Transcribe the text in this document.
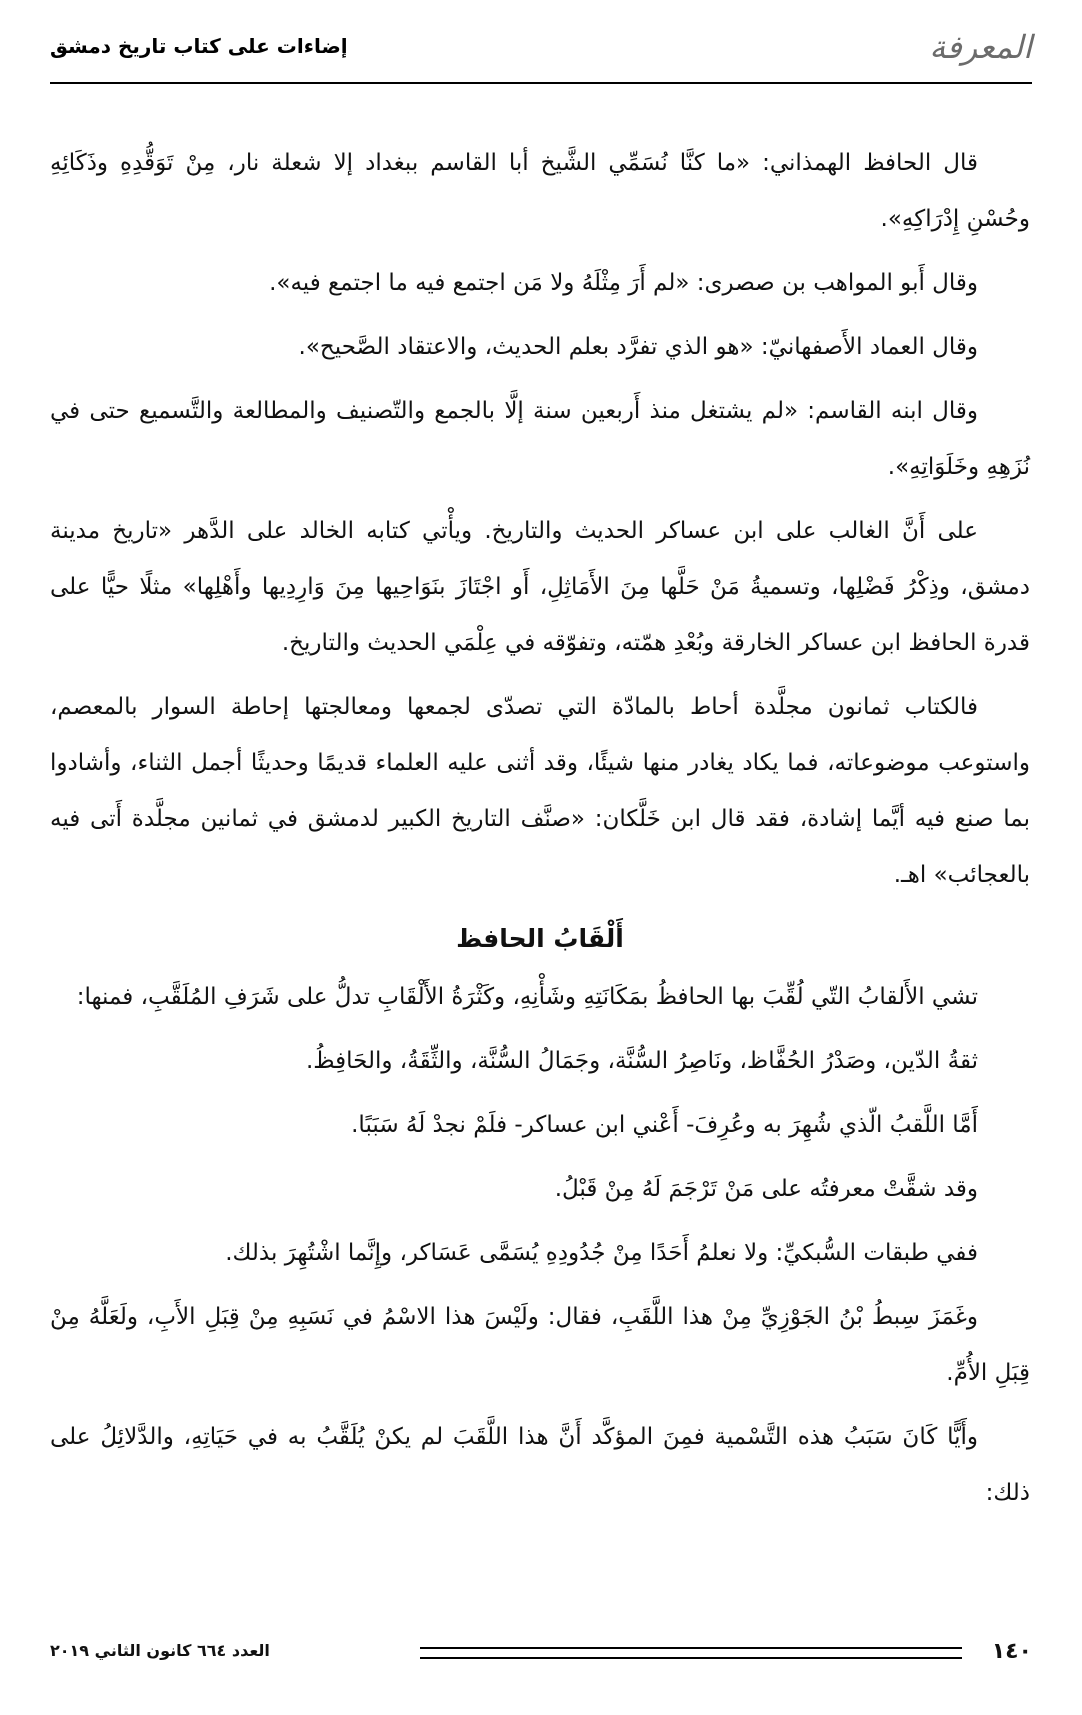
المعرفة
إضاءات على كتاب تاريخ دمشق

قال الحافظ الهمذاني: «ما كنَّا نُسَمِّي الشَّيخ أبا القاسم ببغداد إلا شعلة نار، مِنْ تَوَقُّدِهِ وذَكَائِهِ وحُسْنِ إِدْرَاكِهِ».

وقال أَبو المواهب بن صصرى: «لم أَرَ مِثْلَهُ ولا مَن اجتمع فيه ما اجتمع فيه».

وقال العماد الأَصفهانيّ: «هو الذي تفرَّد بعلم الحديث، والاعتقاد الصَّحيح».

وقال ابنه القاسم: «لم يشتغل منذ أَربعين سنة إلَّا بالجمع والتّصنيف والمطالعة والتَّسميع حتى في نُزَهِهِ وخَلَوَاتِهِ».

على أَنَّ الغالب على ابن عساكر الحديث والتاريخ. ويأْتي كتابه الخالد على الدَّهر «تاريخ مدينة دمشق، وذِكْرُ فَضْلِها، وتسميةُ مَنْ حَلَّها مِنَ الأَمَاثِلِ، أَو اجْتَازَ بنَوَاحِيها مِنَ وَارِدِيها وأَهْلِها» مثلًا حيًّا على قدرة الحافظ ابن عساكر الخارقة وبُعْدِ همّته، وتفوّقه في عِلْمَي الحديث والتاريخ.

فالكتاب ثمانون مجلَّدة أحاط بالمادّة التي تصدّى لجمعها ومعالجتها إحاطة السوار بالمعصم، واستوعب موضوعاته، فما يكاد يغادر منها شيئًا، وقد أثنى عليه العلماء قديمًا وحديثًا أجمل الثناء، وأشادوا بما صنع فيه أيَّما إشادة، فقد قال ابن خَلَّكان: «صنَّف التاريخ الكبير لدمشق في ثمانين مجلَّدة أَتى فيه بالعجائب» اهـ.

أَلْقَابُ الحافظ

تشي الأَلقابُ التّي لُقِّبَ بها الحافظُ بمَكَانَتِهِ وشَأْنِهِ، وكَثْرَةُ الأَلْقَابِ تدلُّ على شَرَفِ المُلَقَّبِ، فمنها:

ثقةُ الدّين، وصَدْرُ الحُفَّاظ، ونَاصِرُ السُّنَّة، وجَمَالُ السُّنَّة، والثِّقَةُ، والحَافِظُ.

أَمَّا اللَّقبُ الّذي شُهِرَ به وعُرِفَ- أَعْني ابن عساكر- فلَمْ نجدْ لَهُ سَبَبًا.

وقد شقَّتْ معرفتُه على مَنْ تَرْجَمَ لَهُ مِنْ قَبْلُ.

ففي طبقات السُّبكيِّ: ولا نعلمُ أَحَدًا مِنْ جُدُودِهِ يُسَمَّى عَسَاكر، وإِنَّما اشْتُهِرَ بذلك.

وغَمَزَ سِبطُ بْنُ الجَوْزِيِّ مِنْ هذا اللَّقَبِ، فقال: ولَيْسَ هذا الاسْمُ في نَسَبِهِ مِنْ قِبَلِ الأَبِ، ولَعَلَّهُ مِنْ قِبَلِ الأُمِّ.

وأَيًّا كَانَ سَبَبُ هذه التَّسْمية فمِنَ المؤكَّد أَنَّ هذا اللَّقَبَ لم يكنْ يُلَقَّبُ به في حَيَاتِهِ، والدَّلائِلُ على ذلك:

١٤٠
العدد ٦٦٤ كانون الثاني ٢٠١٩
